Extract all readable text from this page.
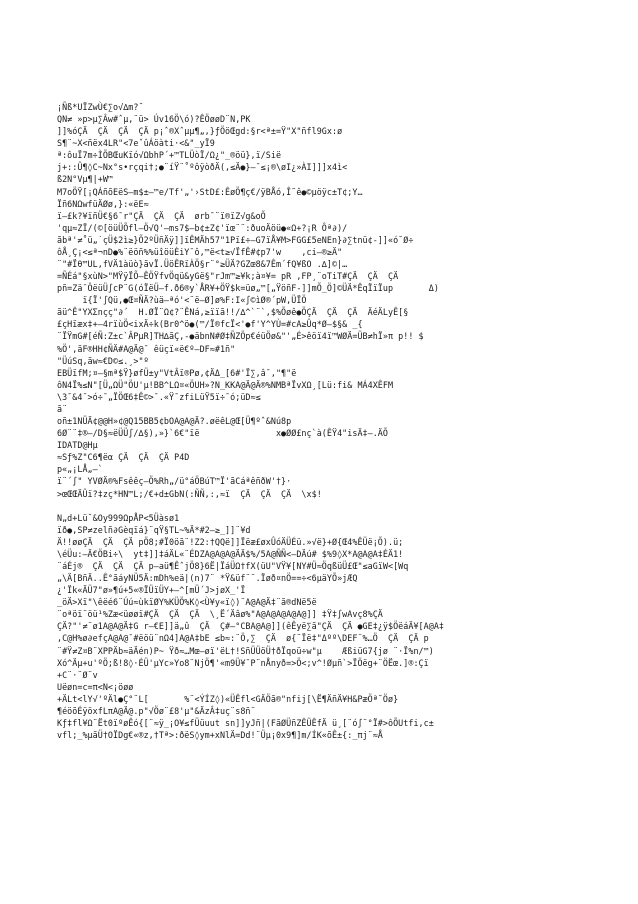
¡Ñß*UÏZwÙ€∑o√∆m?˘
QN≠ »p>µ∑Âw#ˆµ,¨ü> Úv16Ö\ó)?ÊÖøøD¨N,PK
]]%óÇÄ  ÇÄ  ÇÄ  ÇÄ p¡ˆ®Xˆµµ¶„,}ƒÖöŒgd:§r<ª±=Ÿ"X"ñfl9Gx:ø
S¶¨~X<ñëx4LR"<7eˇûÁöàti·<&"_yÏ9
ª:ôuÏ7m÷ÌÕBŒuKïó√ΩbhP´+™TLÜòÏ/Ω¿"_®öü},ï/Sië
j+::Û¶◊C~Nx°s•rçqi†;●¨íŸ¨˚ºôÿòðÄ(,≤Ä●}–¯≤¡®\øI¿»ÀI]]]x4ì<
ß2N°Vµ¶|+W™
M7oÖŸ[¡QÁñõEëS–m$±–™e/Tf'„'›StD£:ÊøÖ¶ç€/ÿBÅó,Î˜ê●©µöÿc±T¢;Y…
Ïñ6NΩwfüÄØø,}:«ëE≈
ï–£k?¥ïñÜ€§6¯r"ÇÄ  ÇÄ  ÇÄ  ørb¯¨ï®ïZ√g&oÕ
'qµ≈ZÏ/(©[öüÜÕfl—Ö√Q'–ms7$–b¢±Z¢'ïœ¨¨:ðuoÄöü●«Ω+?¡R Ôª∂)/
ãbª'≠˚ü„˙çÜ$2ì≥}Õ2ºÜñÄÿ]]ïÊMÄh57"1Pï£÷–G7ïÅ¥M>FGG£5eNEn}∂∑tnü¢-]]«ó˘Ø÷
ôÅ¸Ç¡<≤ª¬nD●%¨ëöñ%%üîöüÈiY¯ô,™ë<t≥√ÏfÊ#¢p7'w    ,ci–®≥Ä"
¨"#Ïθ™UL,fVÄ1àüò}ãvÏ.ÜöÊRïÀÖ§r¨°≥ÜÄ?GZœ8&7Êm´fQ¥ßO .∆]©|…
=ÑÉá"§xùN>"MŸÿÏÕ–ÊÖŸfvÖqü&yGë§"rJm™≥¥k;à¤¥= pR ,FP¸¨oTiT#ÇÄ  ÇÄ  ÇÄ
pñ=Zä¯ÔëüÜ∫cP¨G(óÏëÜ–f.ð6®y`ÅR¥+ÖŸ$k=üø„™[„ŸöñF-]]mÕ_Ö]©ÜÄ*ÊqÏïÏup       Δ)
ï{Ï'∫Qü,●Œ¤ÑÄ?ùä–ªó'<¨ë–Ø]ø%F:I«∫©ìØ®´pW,ÜÏÖ
ãü^Ê"YXΣnçç"∂´  H.ØÏ¨Ω¢?¨ÊNá,≥ïïã!!/∆^`¨`,$%Õøê●ÖÇÄ  ÇÄ  ÇÄ  ÄéÄLyÊ[§
£çHïæx‡+–4rïùÖ<ixÄ÷k(Br0^ö●(™/Ï®fcÏ<'●f'Y^YÙ=#cA≥Ûq*Ø–$§& _{
¨ÏŸmG#[éÑ:Z±c`ÂPµR]TH∆ãÇ,-●äbnN#Ø‡ÑZÖp€éüÖø&"'„É>êöï4ï™WØÄ=ÜB≠hÏ»π p!! $
%Ö',ãF®HH¢ÑÄ#A@Ä@¯ êüçï«ë€º–DF≈#1ñ"
"ÜúSq,ãw≈€D©≤.¸>"º
EBÜïfM;¤–§mª$Ÿ}øfÜ±y"VtÂï®Pø,¢ÄΔ_[6#'Ï∑,â¯,"¶"ë
ôN4Ï%≤N"[Ü„ΩÜ"ÖU'µ!BB^LΩ¤«ÖUH»?N_KKA@Ä@Ä®%NMBªÏvXΩ¸[Lü:fi& MÁ4XÊFM
\3¯&4¯>ó÷¯„ÏÖŒ6‡Ê©>¯.«Ÿ¯zfiLüŸ5ï÷¯ó;üD≈≤
ã¨
oñ±1NÜÄ¢@@H»¢@Q15BB5¢bOA@A@Ä?.øëêL@Œ[Ü¶ºˆ&Nú8p
6Ø¨¨‡®–/D§≈ëÜÜ∫/∆§),»}`6€"ïë               x●ØØ£nç`à(ÊŸ4"isÄ‡–.ÄÕ
IDATD@Hμ
≈Sƒ%Z"C6¶ëα ÇÄ  ÇÄ  ÇÄ P4D
p«„¡LÅ„–`
ï¨´∫" YVØÄ®%Fsêêç–Ö%Rh„/ü°áÖBúT™Ï'ãCáªêñðW'†}·
>œŒŒÄÛï?‡zç*HN™L;/€+d±GbN(:ÑÑ,:,≈ï  ÇÄ  ÇÄ  ÇÄ  \x$!
N„d+Lü˘&Oy999ΩpÅP<5Üàsø1
ïð●,SP≠zelñ∂Gèqïá}¨qŸ§TL~%Ä*#2–≥_]]¨¥d
Ä!!øøÇÄ  ÇÄ  ÇÄ pÖ8;#Ï0öã¨!Z2:†QQë]]Ïëæ£øxÛóÄÜÉü.»√ë}+Ø{Œ4%ÊÜë¡Õ).ü;
\éÜu:–Ä€ÖBi÷\  yt‡]]‡áÄL«¨ÉDZA@A@A@ÄÄ$%/5A@ÑÑ<–DÄú# $%9◊X*A@A@A‡ÉÄ1!
¨áÉj®  ÇÄ  ÇÄ  ÇÄ p–aü¶ÊˆjÖ8}6Ë|ÏáÜΩ†fX(üU"VŸ¥[ΝY#Ü≈ÖqßüÜ£Œ"≤aGïW<[Wq
„\Ä[BñÄ..Ê°ãáyNÜ5Ä:mDh%eä|(n)7¨ *Ÿ&üf¨¨.Ïøð¤nÖ==÷<6µäYÕ»jÆQ
¿'Ïk«ÄÜ7"ø»¶ú+5«®ÏÜïÜY+–^[mÜ´J>jøX_'Ï
_öÄ>Xï"\êëé6¨Úú≈ùkïØY%KÜÖ%K◊<Ù¥y«ï◊)¨A@A@Ä‡¨ã®dNë5ë
¨oªöï¨öü¹%Zæ<üøøï#ÇÄ  ÇÄ  ÇÄ  \¸Ë´Äâø%"A@A@A@A@A@]] ‡Ÿ‡∫wAvç8%ÇÄ
ÇÄ?"'≠¨ø1A@A@Ä‡G r–€E]]ä„û  ÇÄ  Ç#–°CBA@A@]](êÊyë∑ã"ÇÄ  ÇÄ ●GE‡¿ÿ$ÖëáÄ¥[A@A‡
,C@H%ø∂efçA@A@¯#ëöü¨nΩ4]A@A‡bE ≤b≈:¨Ö,∑  ÇÄ  ø{¨Ïë‡"Δºº\DEF¨%…Ö  ÇÄ  ÇÄ p
¨#Ÿ≠Z¤B¨XPPÄb≈äÄén)P~ Ÿð≈…Mœ–øï'ëL†!SñÜÜöÜ†ðÏqoü÷w"µ    ÆßiüG7{jø ¨·Ï%n/™)
Xó^Äµ+u'ºÖ;ß!8◊·ÉÜ'µYc»Yo8¨NjÖ¶'«m9Ü¥¯P¨nÅnyð=>Ö<;v^!Øµñ`>ÏÖëg+¨ÖËœ.]®:Çï
+C¨·¨Ø¨v
Uëøn=c=π<N<¡öøø
+ÄLt<lY√'ºÄl●Ç°¨L[       %¨<ÝÍZ◊)«ÜÊfl<GÄÖã®"nfij[\Ë¶ÄñÄ¥H&PæÖª˘Öø}
¶éöõÉÿöxfLπA@Ä@.p"√Öø¨£8'µ"&ÄzÂ‡uç¨s8ñ¨
Kƒ‡fl¥Ω¨Ët0ïºøÊó{[¨≈ÿ_¡O¥≤fÜüuut sn]]yJñ|(FãØÜñZÊÜÊfÄ ü¸[¨ó∫¨°Ï#>ôÕUtfi,c±
vfl;_%µãÜ†OÏDg€«®z,†Tª>:ðëS◊ym+xNlÄ=Dd!¨Üµ¡0x9¶]m/ÍK«õÊ±{:_πj¨≈Å
